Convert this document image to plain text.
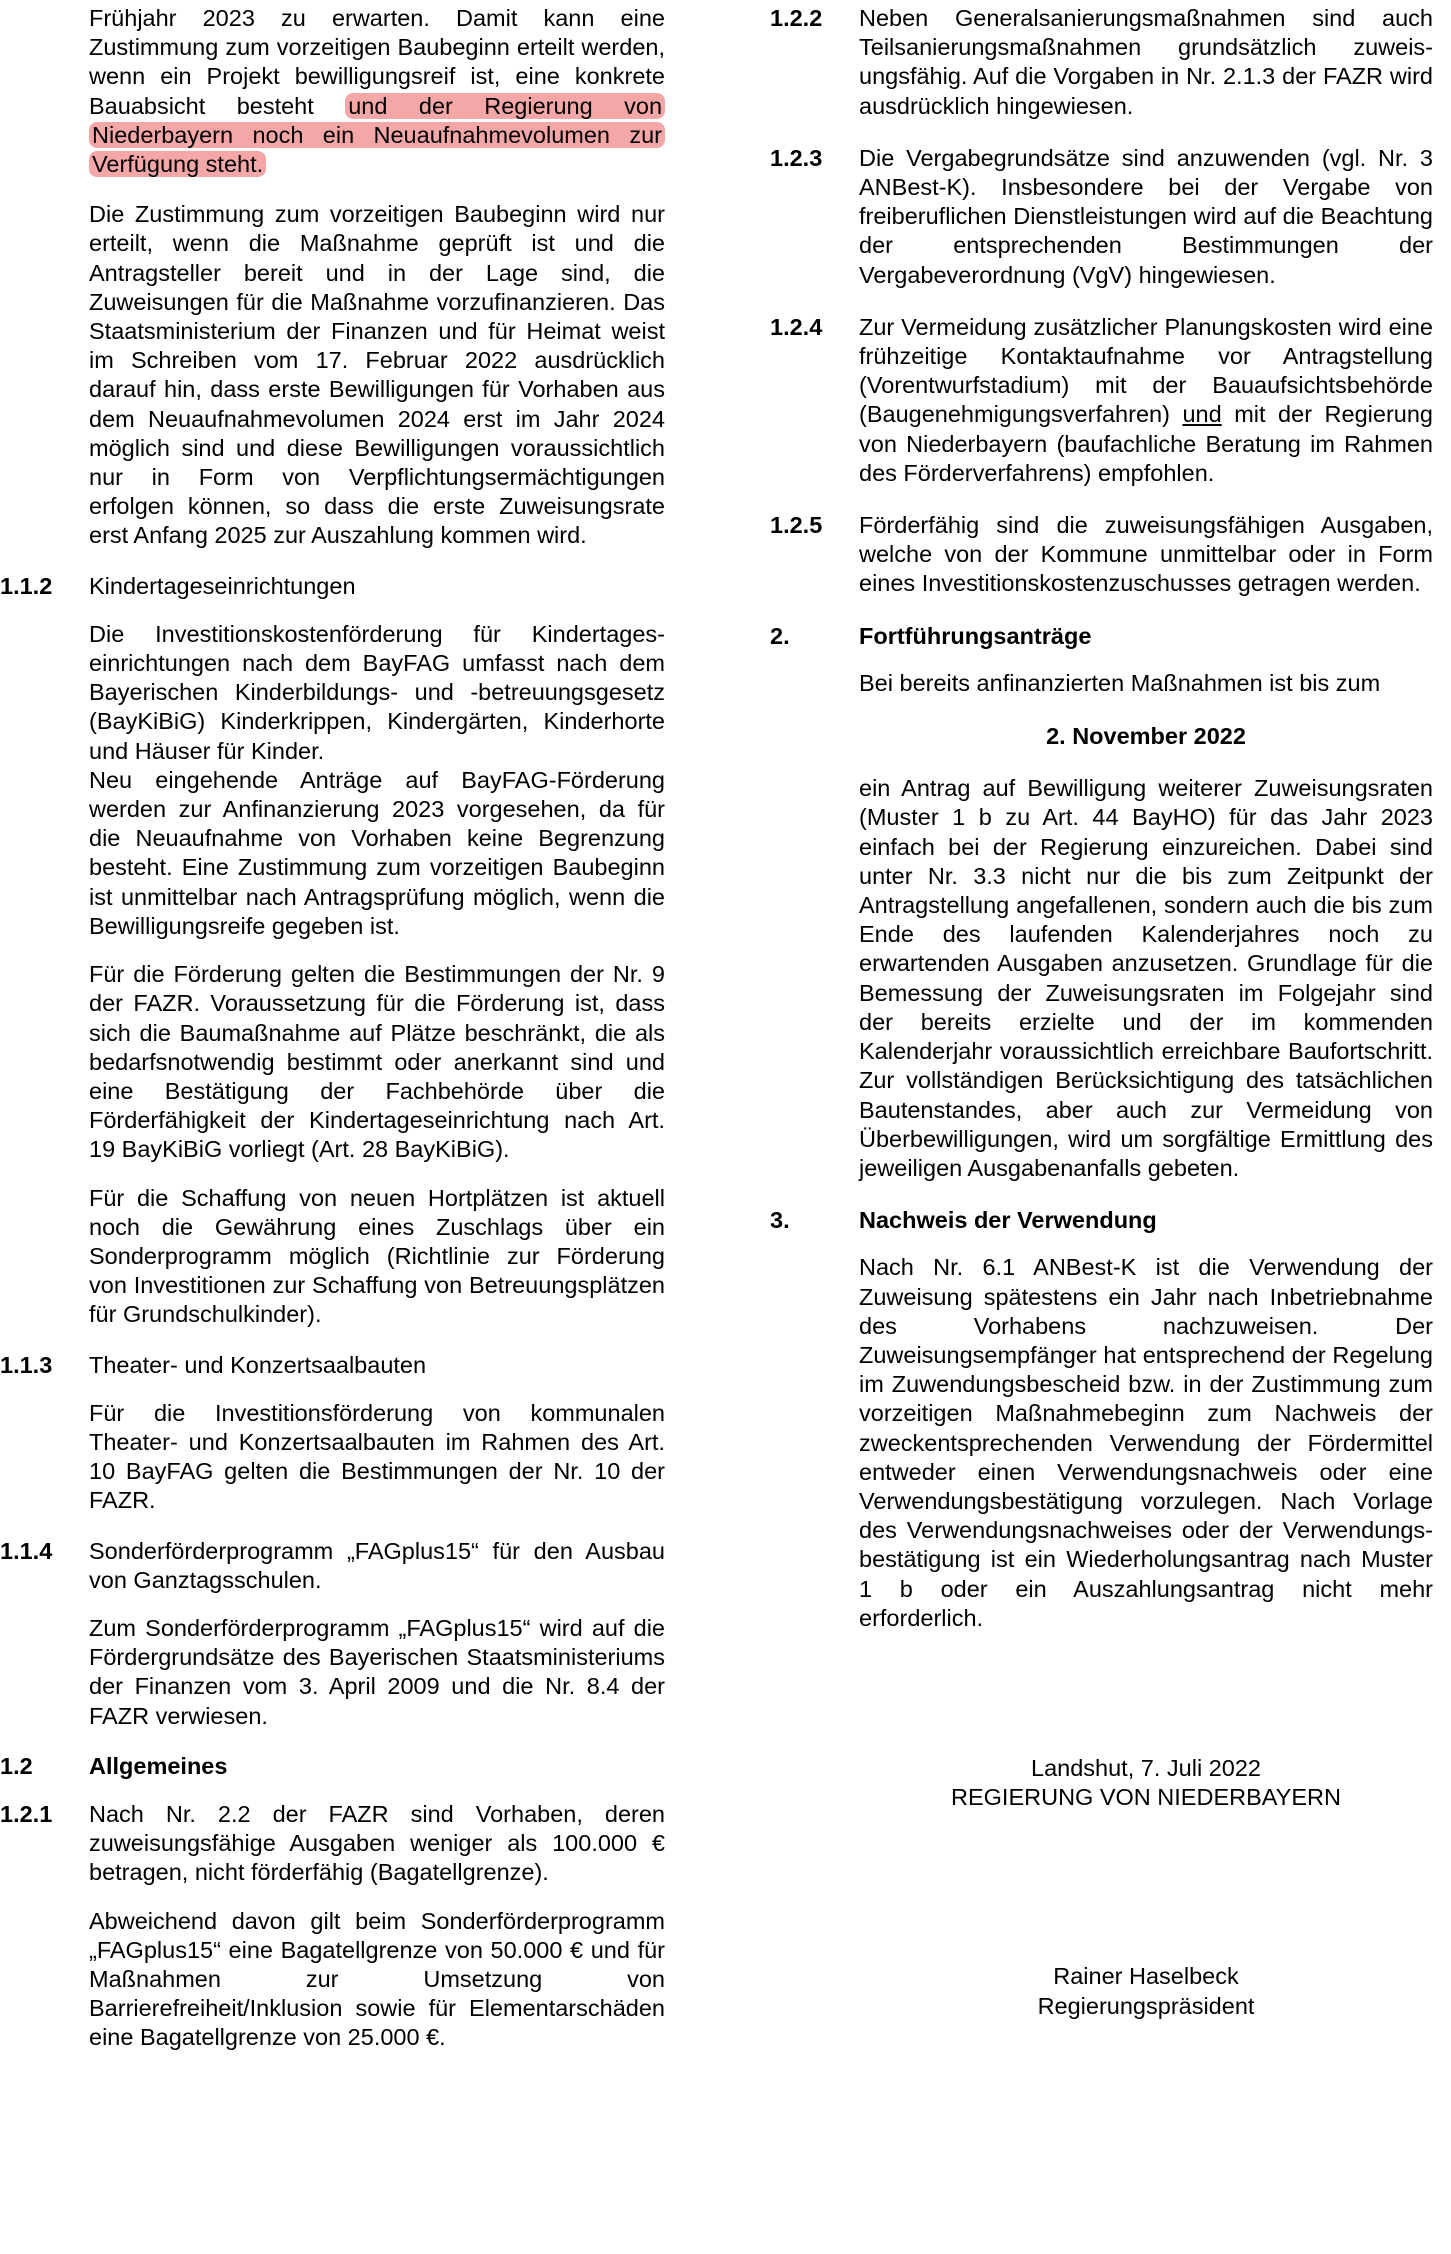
Frühjahr 2023 zu erwarten. Damit kann eine Zustimmung zum vorzeitigen Baubeginn erteilt werden, wenn ein Projekt bewilligungsreif ist, eine konkrete Bauabsicht besteht und der Regierung von Niederbayern noch ein Neuaufnahmevolumen zur Verfügung steht.

Die Zustimmung zum vorzeitigen Baubeginn wird nur erteilt, wenn die Maßnahme geprüft ist und die Antragsteller bereit und in der Lage sind, die Zuweisungen für die Maßnahme vorzufinanzieren. Das Staatsministerium der Finanzen und für Heimat weist im Schreiben vom 17. Februar 2022 ausdrücklich darauf hin, dass erste Bewilligungen für Vorhaben aus dem Neuaufnahmevolumen 2024 erst im Jahr 2024 möglich sind und diese Bewilligungen voraussichtlich nur in Form von Verpflichtungsermächtigungen erfolgen können, so dass die erste Zuweisungsrate erst Anfang 2025 zur Auszahlung kommen wird.

1.1.2 Kindertageseinrichtungen

Die Investitionskostenförderung für Kindertageseinrichtungen nach dem BayFAG umfasst nach dem Bayerischen Kinderbildungs- und -betreuungsgesetz (BayKiBiG) Kinderkrippen, Kindergärten, Kinderhorte und Häuser für Kinder.
Neu eingehende Anträge auf BayFAG-Förderung werden zur Anfinanzierung 2023 vorgesehen, da für die Neuaufnahme von Vorhaben keine Begrenzung besteht. Eine Zustimmung zum vorzeitigen Baubeginn ist unmittelbar nach Antragsprüfung möglich, wenn die Bewilligungsreife gegeben ist.

Für die Förderung gelten die Bestimmungen der Nr. 9 der FAZR. Voraussetzung für die Förderung ist, dass sich die Baumaßnahme auf Plätze beschränkt, die als bedarfsnotwendig bestimmt oder anerkannt sind und eine Bestätigung der Fachbehörde über die Förderfähigkeit der Kindertageseinrichtung nach Art. 19 BayKiBiG vorliegt (Art. 28 BayKiBiG).

Für die Schaffung von neuen Hortplätzen ist aktuell noch die Gewährung eines Zuschlags über ein Sonderprogramm möglich (Richtlinie zur Förderung von Investitionen zur Schaffung von Betreuungsplätzen für Grundschulkinder).

1.1.3 Theater- und Konzertsaalbauten

Für die Investitionsförderung von kommunalen Theater- und Konzertsaalbauten im Rahmen des Art. 10 BayFAG gelten die Bestimmungen der Nr. 10 der FAZR.

1.1.4 Sonderförderprogramm „FAGplus15“ für den Ausbau von Ganztagsschulen.

Zum Sonderförderprogramm „FAGplus15“ wird auf die Fördergrundsätze des Bayerischen Staatsministeriums der Finanzen vom 3. April 2009 und die Nr. 8.4 der FAZR verwiesen.

1.2 Allgemeines

1.2.1 Nach Nr. 2.2 der FAZR sind Vorhaben, deren zuweisungsfähige Ausgaben weniger als 100.000 € betragen, nicht förderfähig (Bagatellgrenze).

Abweichend davon gilt beim Sonderförderprogramm „FAGplus15“ eine Bagatellgrenze von 50.000 € und für Maßnahmen zur Umsetzung von Barrierefreiheit/Inklusion sowie für Elementarschäden eine Bagatellgrenze von 25.000 €.

1.2.2 Neben Generalsanierungsmaßnahmen sind auch Teilsanierungsmaßnahmen grundsätzlich zuweisungsfähig. Auf die Vorgaben in Nr. 2.1.3 der FAZR wird ausdrücklich hingewiesen.

1.2.3 Die Vergabegrundsätze sind anzuwenden (vgl. Nr. 3 ANBest-K). Insbesondere bei der Vergabe von freiberuflichen Dienstleistungen wird auf die Beachtung der entsprechenden Bestimmungen der Vergabeverordnung (VgV) hingewiesen.

1.2.4 Zur Vermeidung zusätzlicher Planungskosten wird eine frühzeitige Kontaktaufnahme vor Antragstellung (Vorentwurfstadium) mit der Bauaufsichtsbehörde (Baugenehmigungsverfahren) und mit der Regierung von Niederbayern (baufachliche Beratung im Rahmen des Förderverfahrens) empfohlen.

1.2.5 Förderfähig sind die zuweisungsfähigen Ausgaben, welche von der Kommune unmittelbar oder in Form eines Investitionskostenzuschusses getragen werden.

2.	Fortführungsanträge

Bei bereits anfinanzierten Maßnahmen ist bis zum

2. November 2022

ein Antrag auf Bewilligung weiterer Zuweisungsraten (Muster 1 b zu Art. 44 BayHO) für das Jahr 2023 einfach bei der Regierung einzureichen. Dabei sind unter Nr. 3.3 nicht nur die bis zum Zeitpunkt der Antragstellung angefallenen, sondern auch die bis zum Ende des laufenden Kalenderjahres noch zu erwartenden Ausgaben anzusetzen. Grundlage für die Bemessung der Zuweisungsraten im Folgejahr sind der bereits erzielte und der im kommenden Kalenderjahr voraussichtlich erreichbare Baufortschritt. Zur vollständigen Berücksichtigung des tatsächlichen Bautenstandes, aber auch zur Vermeidung von Überbewilligungen, wird um sorgfältige Ermittlung des jeweiligen Ausgabenanfalls gebeten.

3.	Nachweis der Verwendung

Nach Nr. 6.1 ANBest-K ist die Verwendung der Zuweisung spätestens ein Jahr nach Inbetriebnahme des Vorhabens nachzuweisen. Der Zuweisungsempfänger hat entsprechend der Regelung im Zuwendungsbescheid bzw. in der Zustimmung zum vorzeitigen Maßnahmebeginn zum Nachweis der zweckentsprechenden Verwendung der Fördermittel entweder einen Verwendungsnachweis oder eine Verwendungsbestätigung vorzulegen. Nach Vorlage des Verwendungsnachweises oder der Verwendungsbestätigung ist ein Wiederholungsantrag nach Muster 1 b oder ein Auszahlungsantrag nicht mehr erforderlich.

Landshut, 7. Juli 2022

REGIERUNG VON NIEDERBAYERN

Rainer Haselbeck

Regierungspräsident
